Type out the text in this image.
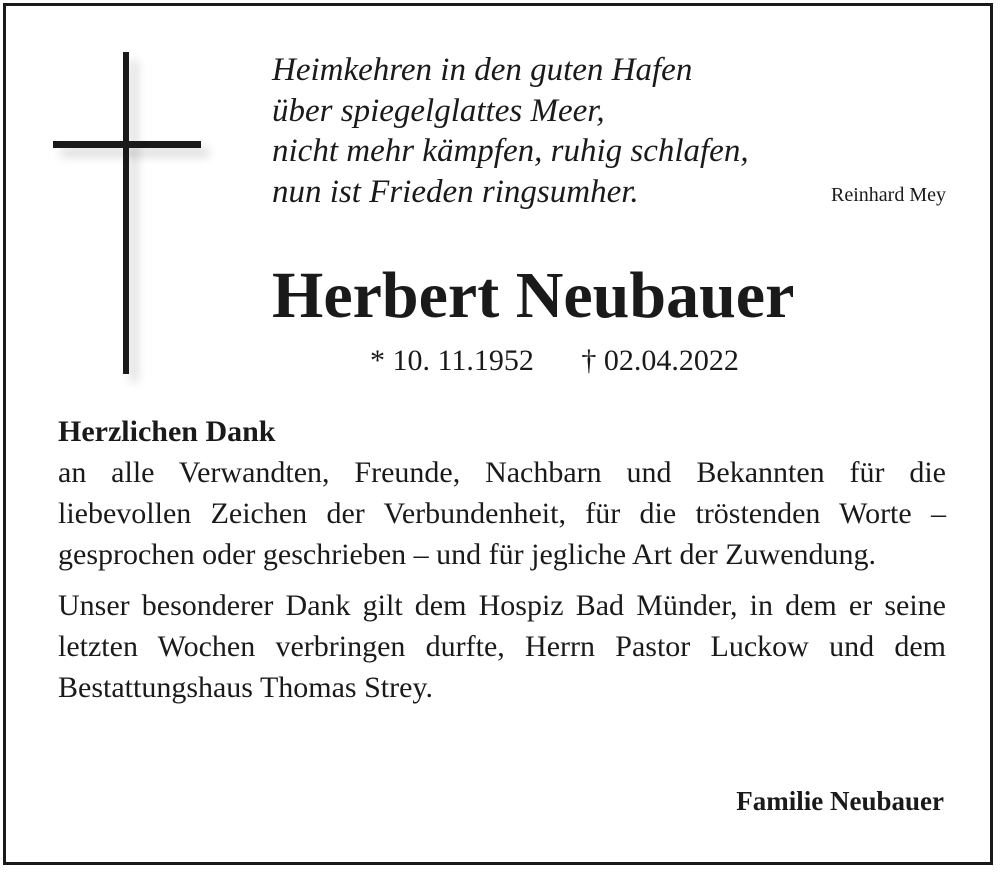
Heimkehren in den guten Hafen
über spiegelglattes Meer,
nicht mehr kämpfen, ruhig schlafen,
nun ist Frieden ringsumher.	Reinhard Mey
Herbert Neubauer
* 10. 11.1952 † 02.04.2022
Herzlichen Dank
an alle Verwandten, Freunde, Nachbarn und Bekannten für die liebevollen Zeichen der Verbundenheit, für die tröstenden Worte – gesprochen oder geschrieben – und für jegliche Art der Zuwendung.
Unser besonderer Dank gilt dem Hospiz Bad Münder, in dem er seine letzten Wochen verbringen durfte, Herrn Pastor Luckow und dem Bestattungshaus Thomas Strey.
Familie Neubauer
